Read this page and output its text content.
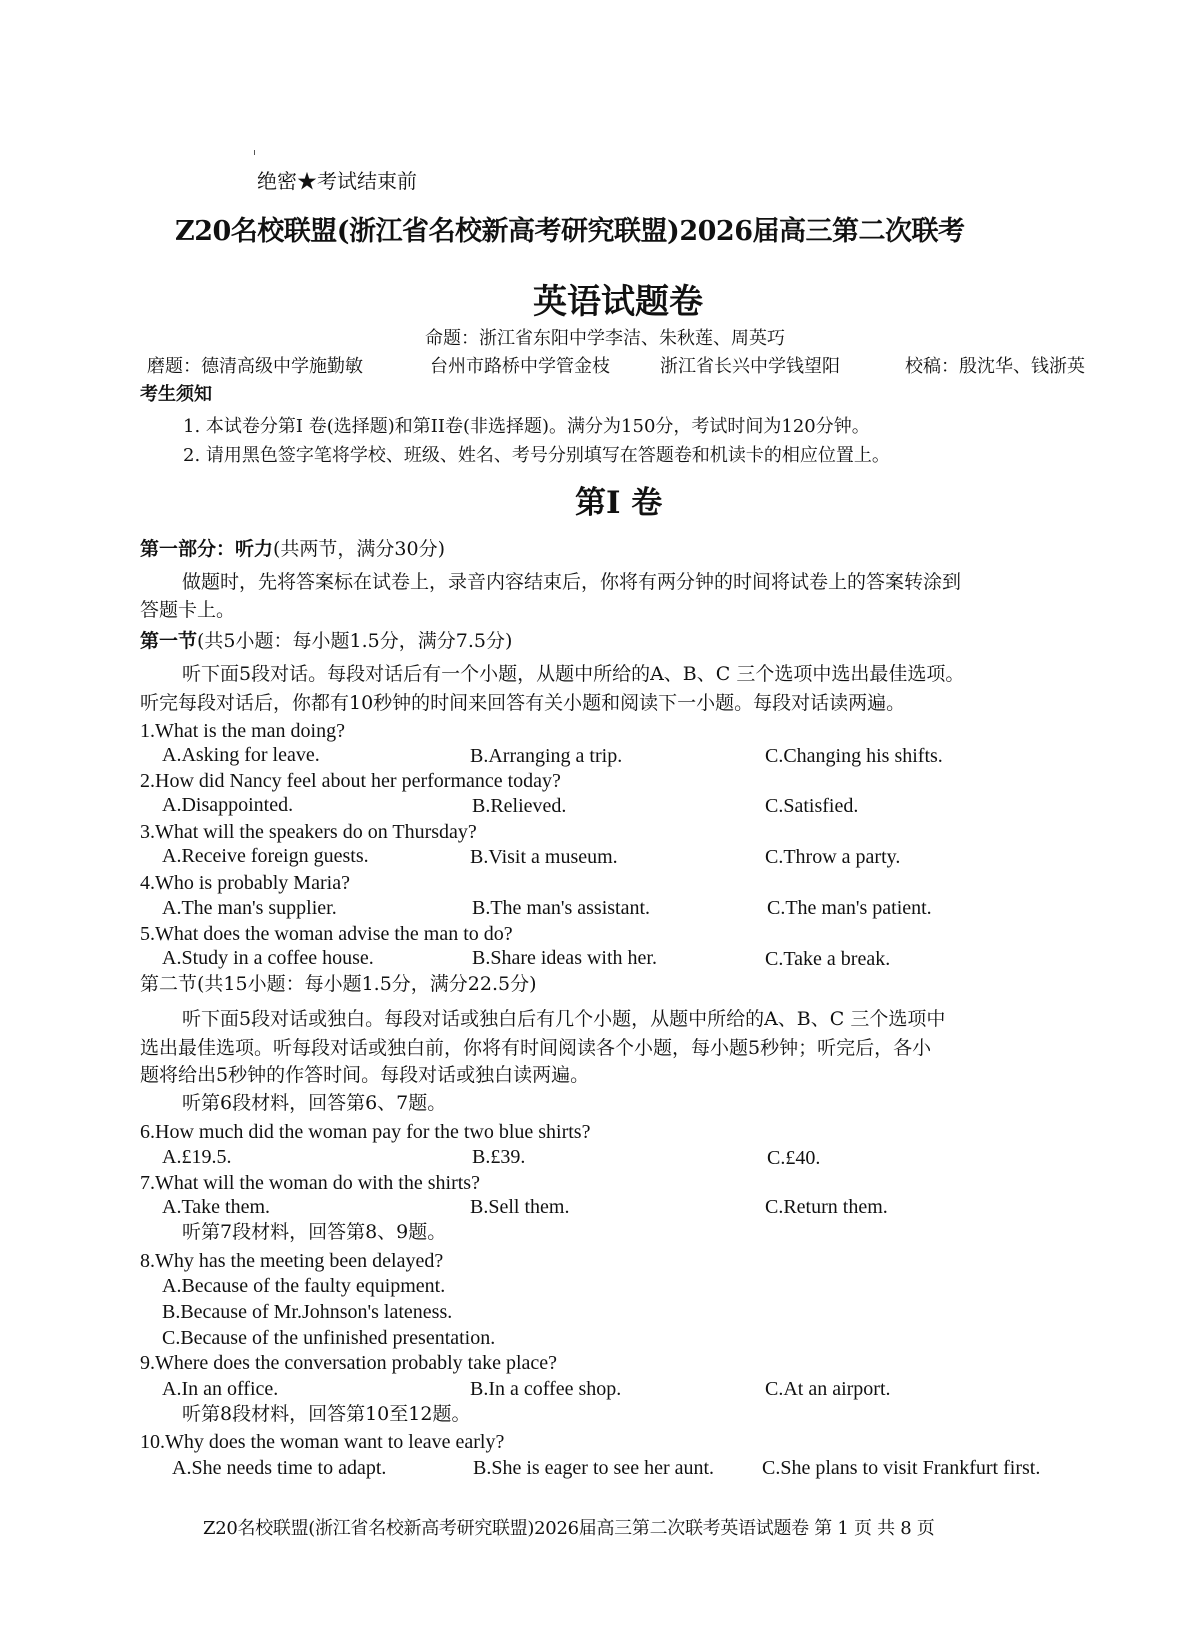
绝密★考试结束前
Z20名校联盟(浙江省名校新高考研究联盟)2026届高三第二次联考
英语试题卷
命题：浙江省东阳中学李洁、朱秋莲、周英巧
磨题：德清高级中学施勤敏	台州市路桥中学管金枝	浙江省长兴中学钱望阳	校稿：殷沈华、钱浙英
考生须知
1. 本试卷分第I 卷(选择题)和第II卷(非选择题)。满分为150分，考试时间为120分钟。
2. 请用黑色签字笔将学校、班级、姓名、考号分别填写在答题卷和机读卡的相应位置上。
第I 卷
第一部分：听力(共两节，满分30分)
做题时，先将答案标在试卷上，录音内容结束后，你将有两分钟的时间将试卷上的答案转涂到
答题卡上。
第一节(共5小题：每小题1.5分，满分7.5分)
听下面5段对话。每段对话后有一个小题，从题中所给的A、B、C 三个选项中选出最佳选项。
听完每段对话后，你都有10秒钟的时间来回答有关小题和阅读下一小题。每段对话读两遍。
1.What is the man doing?
A.Asking for leave.	B.Arranging a trip.	C.Changing his shifts.
2.How did Nancy feel about her performance today?
A.Disappointed.	B.Relieved.	C.Satisfied.
3.What will the speakers do on Thursday?
A.Receive foreign guests.	B.Visit a museum.	C.Throw a party.
4.Who is probably Maria?
A.The man's supplier.	B.The man's assistant.	C.The man's patient.
5.What does the woman advise the man to do?
A.Study in a coffee house.	B.Share ideas with her.	C.Take a break.
第二节(共15小题：每小题1.5分，满分22.5分)
听下面5段对话或独白。每段对话或独白后有几个小题，从题中所给的A、B、C 三个选项中
选出最佳选项。听每段对话或独白前，你将有时间阅读各个小题，每小题5秒钟；听完后，各小
题将给出5秒钟的作答时间。每段对话或独白读两遍。
听第6段材料，回答第6、7题。
6.How much did the woman pay for the two blue shirts?
A.£19.5.	B.£39.	C.£40.
7.What will the woman do with the shirts?
A.Take them.	B.Sell them.	C.Return them.
听第7段材料，回答第8、9题。
8.Why has the meeting been delayed?
A.Because of the faulty equipment.
B.Because of Mr.Johnson's lateness.
C.Because of the unfinished presentation.
9.Where does the conversation probably take place?
A.In an office.	B.In a coffee shop.	C.At an airport.
听第8段材料，回答第10至12题。
10.Why does the woman want to leave early?
A.She needs time to adapt.	B.She is eager to see her aunt. C.She plans to visit Frankfurt first.
Z20名校联盟(浙江省名校新高考研究联盟)2026届高三第二次联考英语试题卷 第 1 页 共 8 页
